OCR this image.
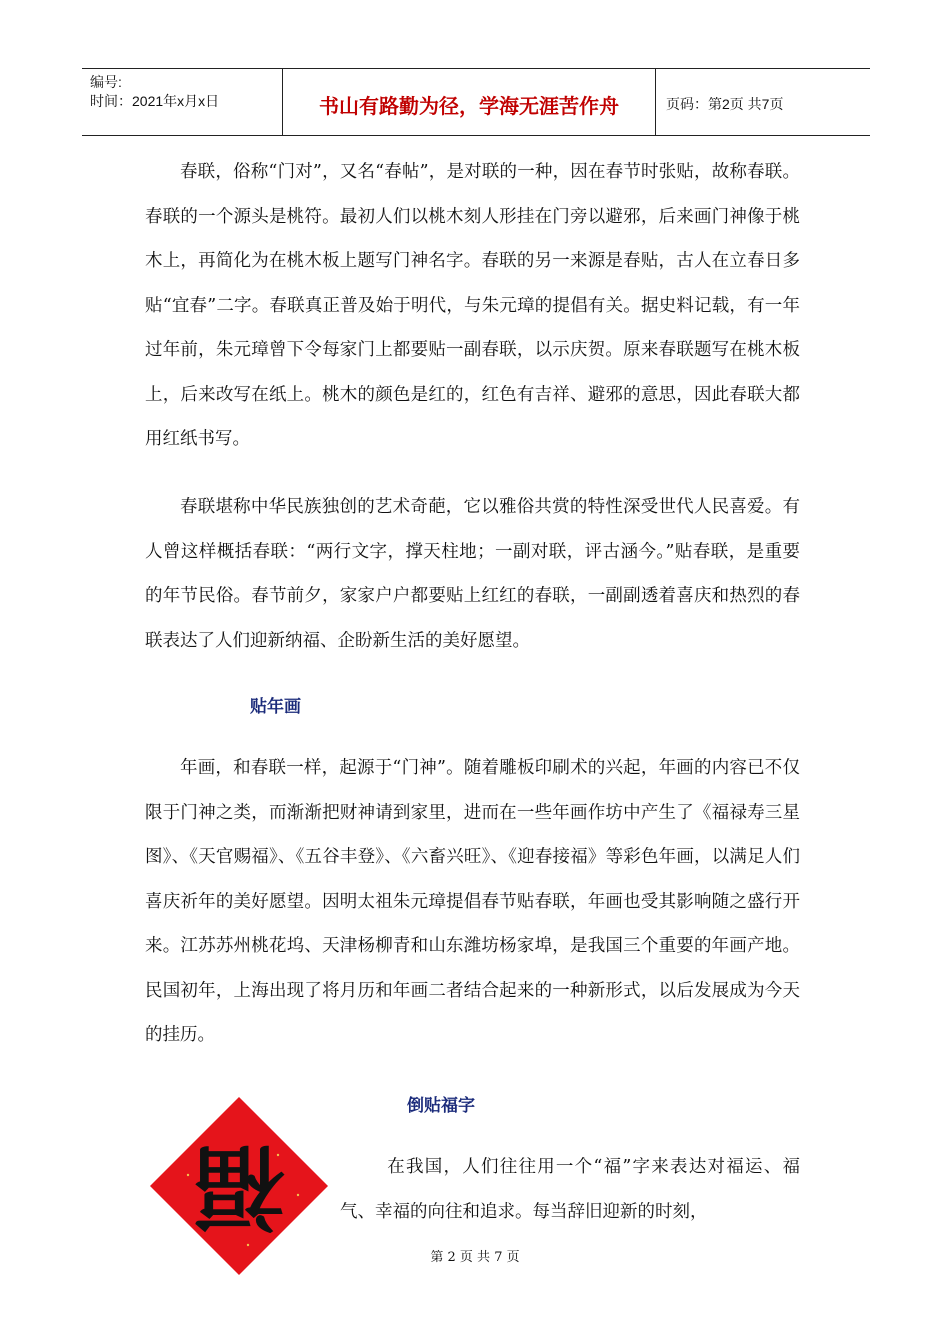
编号:
时间：2021年x月x日	书山有路勤为径，学海无涯苦作舟	页码：第2页 共7页

春联，俗称“门对”，又名“春帖”，是对联的一种，因在春节时张贴，故称春联。春联的一个源头是桃符。最初人们以桃木刻人形挂在门旁以避邪，后来画门神像于桃木上，再简化为在桃木板上题写门神名字。春联的另一来源是春贴，古人在立春日多贴“宜春”二字。春联真正普及始于明代，与朱元璋的提倡有关。据史料记载，有一年过年前，朱元璋曾下令每家门上都要贴一副春联，以示庆贺。原来春联题写在桃木板上，后来改写在纸上。桃木的颜色是红的，红色有吉祥、避邪的意思，因此春联大都用红纸书写。

春联堪称中华民族独创的艺术奇葩，它以雅俗共赏的特性深受世代人民喜爱。有人曾这样概括春联：“两行文字，撑天柱地；一副对联，评古涵今。”贴春联，是重要的年节民俗。春节前夕，家家户户都要贴上红红的春联，一副副透着喜庆和热烈的春联表达了人们迎新纳福、企盼新生活的美好愿望。

贴年画

年画，和春联一样，起源于“门神”。随着雕板印刷术的兴起，年画的内容已不仅限于门神之类，而渐渐把财神请到家里，进而在一些年画作坊中产生了《福禄寿三星图》、《天官赐福》、《五谷丰登》、《六畜兴旺》、《迎春接福》等彩色年画，以满足人们喜庆祈年的美好愿望。因明太祖朱元璋提倡春节贴春联，年画也受其影响随之盛行开来。江苏苏州桃花坞、天津杨柳青和山东潍坊杨家埠，是我国三个重要的年画产地。民国初年，上海出现了将月历和年画二者结合起来的一种新形式，以后发展成为今天的挂历。

倒贴福字
福	在我国，人们往往用一个“福”字来表达对福运、福气、幸福的向往和追求。每当辞旧迎新的时刻，

第 2 页 共 7 页
